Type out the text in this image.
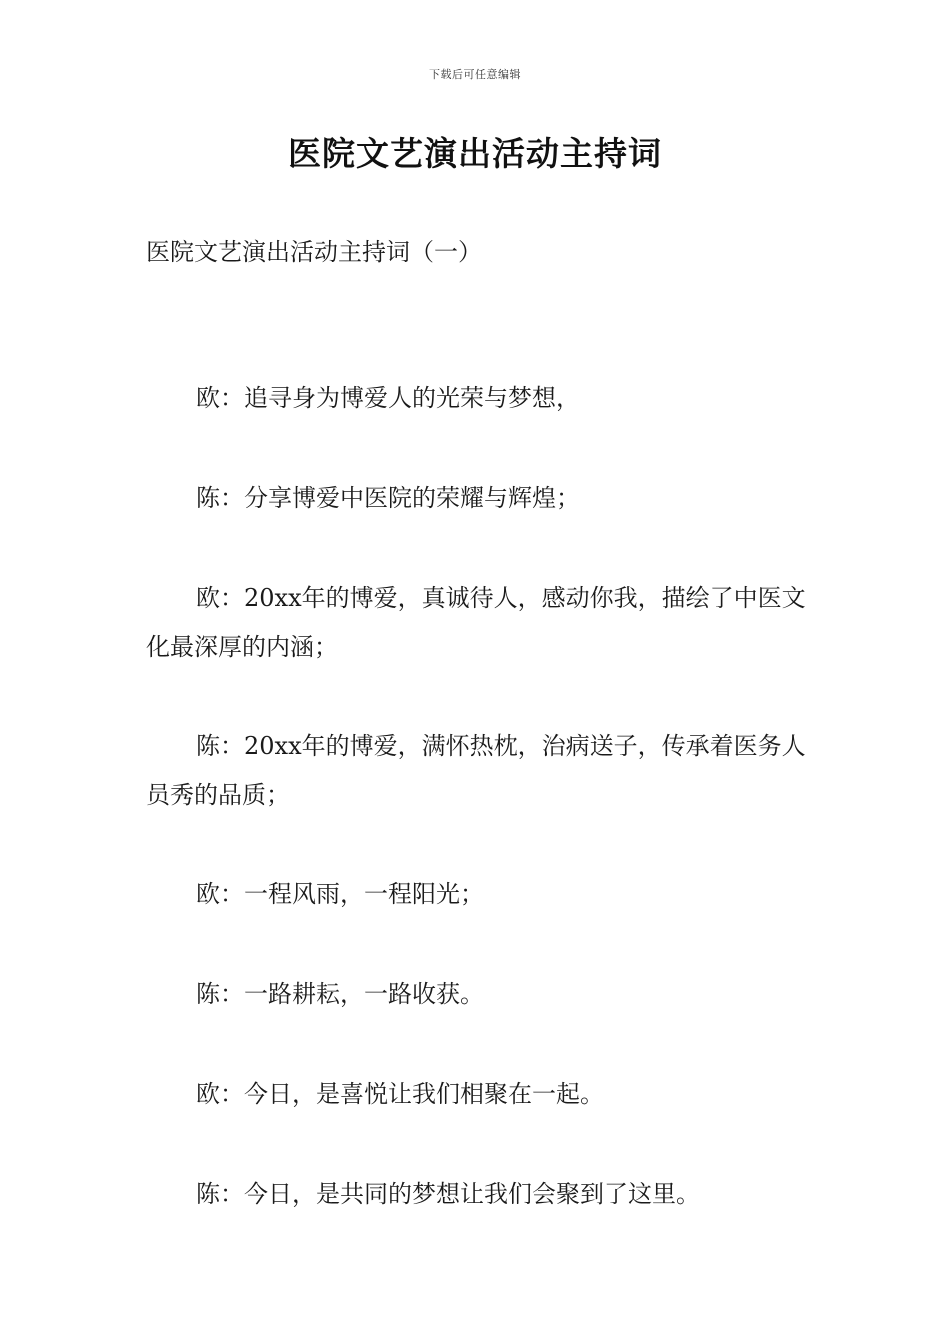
下载后可任意编辑
医院文艺演出活动主持词

医院文艺演出活动主持词（一）

欧：追寻身为博爱人的光荣与梦想，

陈：分享博爱中医院的荣耀与辉煌；

欧：20xx年的博爱，真诚待人，感动你我，描绘了中医文化最深厚的内涵；

陈：20xx年的博爱，满怀热枕，治病送子，传承着医务人员秀的品质；

欧：一程风雨，一程阳光；

陈：一路耕耘，一路收获。

欧：今日，是喜悦让我们相聚在一起。

陈：今日，是共同的梦想让我们会聚到了这里。
